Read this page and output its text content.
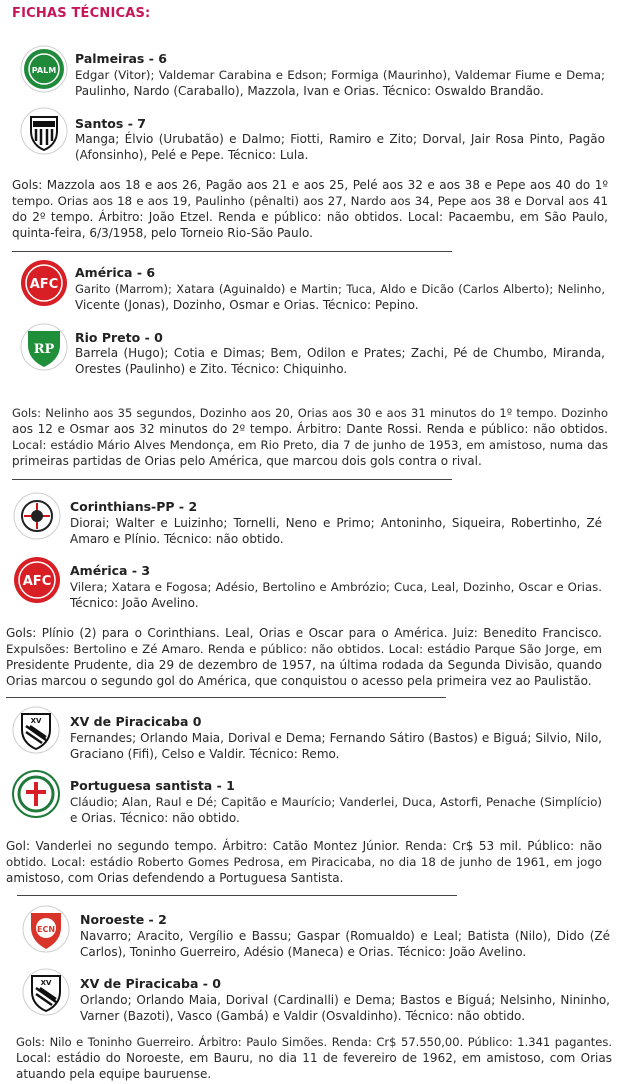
FICHAS TÉCNICAS:
PALM
Palmeiras - 6
Edgar (Vitor); Valdemar Carabina e Edson; Formiga (Maurinho), Valdemar Fiume e Dema;
Paulinho, Nardo (Caraballo), Mazzola, Ivan e Orias. Técnico: Oswaldo Brandão.
Santos - 7
Manga; Élvio (Urubatão) e Dalmo; Fiotti, Ramiro e Zito; Dorval, Jair Rosa Pinto, Pagão
(Afonsinho), Pelé e Pepe. Técnico: Lula.
Gols: Mazzola aos 18 e aos 26, Pagão aos 21 e aos 25, Pelé aos 32 e aos 38 e Pepe aos 40 do 1º
tempo. Orias aos 18 e aos 19, Paulinho (pênalti) aos 27, Nardo aos 34, Pepe aos 38 e Dorval aos 41
do 2º tempo. Árbitro: João Etzel. Renda e público: não obtidos. Local: Pacaembu, em São Paulo,
quinta-feira, 6/3/1958, pelo Torneio Rio-São Paulo.
AFC
América - 6
Garito (Marrom); Xatara (Aguinaldo) e Martin; Tuca, Aldo e Dicão (Carlos Alberto); Nelinho,
Vicente (Jonas), Dozinho, Osmar e Orias. Técnico: Pepino.
RP
Rio Preto - 0
Barrela (Hugo); Cotia e Dimas; Bem, Odilon e Prates; Zachi, Pé de Chumbo, Miranda,
Orestes (Paulinho) e Zito. Técnico: Chiquinho.
Gols: Nelinho aos 35 segundos, Dozinho aos 20, Orias aos 30 e aos 31 minutos do 1º tempo. Dozinho
aos 12 e Osmar aos 32 minutos do 2º tempo. Árbitro: Dante Rossi. Renda e público: não obtidos.
Local: estádio Mário Alves Mendonça, em Rio Preto, dia 7 de junho de 1953, em amistoso, numa das
primeiras partidas de Orias pelo América, que marcou dois gols contra o rival.
Corinthians-PP - 2
Diorai; Walter e Luizinho; Tornelli, Neno e Primo; Antoninho, Siqueira, Robertinho, Zé
Amaro e Plínio. Técnico: não obtido.
AFC
América - 3
Vilera; Xatara e Fogosa; Adésio, Bertolino e Ambrózio; Cuca, Leal, Dozinho, Oscar e Orias.
Técnico: João Avelino.
Gols: Plínio (2) para o Corinthians. Leal, Orias e Oscar para o América. Juiz: Benedito Francisco.
Expulsões: Bertolino e Zé Amaro. Renda e público: não obtidos. Local: estádio Parque São Jorge, em
Presidente Prudente, dia 29 de dezembro de 1957, na última rodada da Segunda Divisão, quando
Orias marcou o segundo gol do América, que conquistou o acesso pela primeira vez ao Paulistão.
XV XV de Piracicaba 0
Fernandes; Orlando Maia, Dorival e Dema; Fernando Sátiro (Bastos) e Biguá; Silvio, Nilo,
Graciano (Fifi), Celso e Valdir. Técnico: Remo.
Portuguesa santista - 1
Cláudio; Alan, Raul e Dé; Capitão e Maurício; Vanderlei, Duca, Astorfi, Penache (Simplício)
e Orias. Técnico: não obtido.
Gol: Vanderlei no segundo tempo. Árbitro: Catão Montez Júnior. Renda: Cr$ 53 mil. Público: não
obtido. Local: estádio Roberto Gomes Pedrosa, em Piracicaba, no dia 18 de junho de 1961, em jogo
amistoso, com Orias defendendo a Portuguesa Santista.
ECN
Noroeste - 2
Navarro; Aracito, Vergílio e Bassu; Gaspar (Romualdo) e Leal; Batista (Nilo), Dido (Zé
Carlos), Toninho Guerreiro, Adésio (Maneca) e Orias. Técnico: João Avelino.
XV XV de Piracicaba - 0
Orlando; Orlando Maia, Dorival (Cardinalli) e Dema; Bastos e Biguá; Nelsinho, Nininho,
Varner (Bazoti), Vasco (Gambá) e Valdir (Osvaldinho). Técnico: não obtido.
Gols: Nilo e Toninho Guerreiro. Árbitro: Paulo Simões. Renda: Cr$ 57.550,00. Público: 1.341 pagantes.
Local: estádio do Noroeste, em Bauru, no dia 11 de fevereiro de 1962, em amistoso, com Orias
atuando pela equipe bauruense.
